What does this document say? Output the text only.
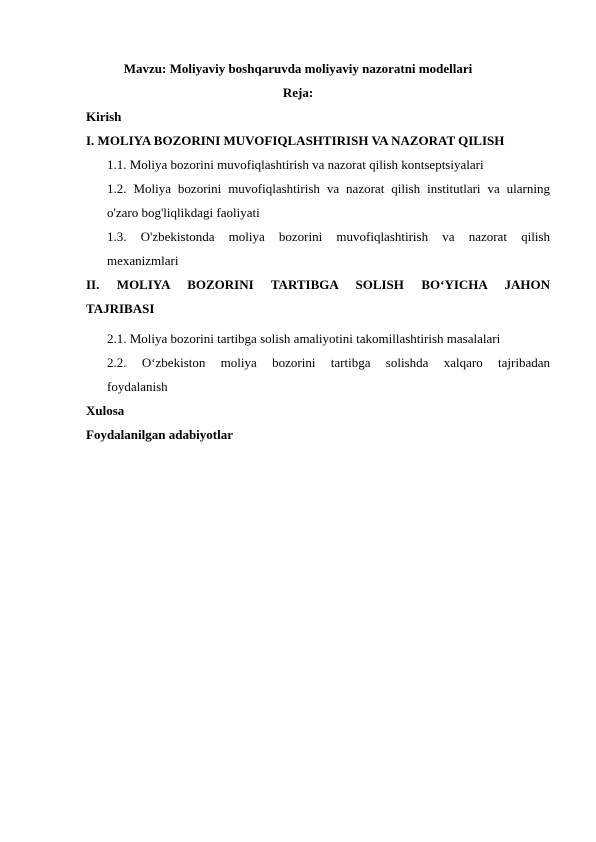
Mavzu: Moliyaviy boshqaruvda moliyaviy nazoratni modellari
Reja:
Kirish
I. MOLIYA BOZORINI MUVOFIQLASHTIRISH VA NAZORAT QILISH
1.1. Moliya bozorini muvofiqlashtirish va nazorat qilish kontseptsiyalari
1.2. Moliya bozorini muvofiqlashtirish va nazorat qilish institutlari va ularning
o'zaro bog'liqlikdagi faoliyati
1.3. O'zbekistonda moliya bozorini muvofiqlashtirish va nazorat qilish
mexanizmlari
II. MOLIYA BOZORINI TARTIBGA SOLISH BO‘YICHA JAHON
TAJRIBASI
2.1. Moliya bozorini tartibga solish amaliyotini takomillashtirish masalalari
2.2. O‘zbekiston moliya bozorini tartibga solishda xalqaro tajribadan
foydalanish
Xulosa
Foydalanilgan adabiyotlar
